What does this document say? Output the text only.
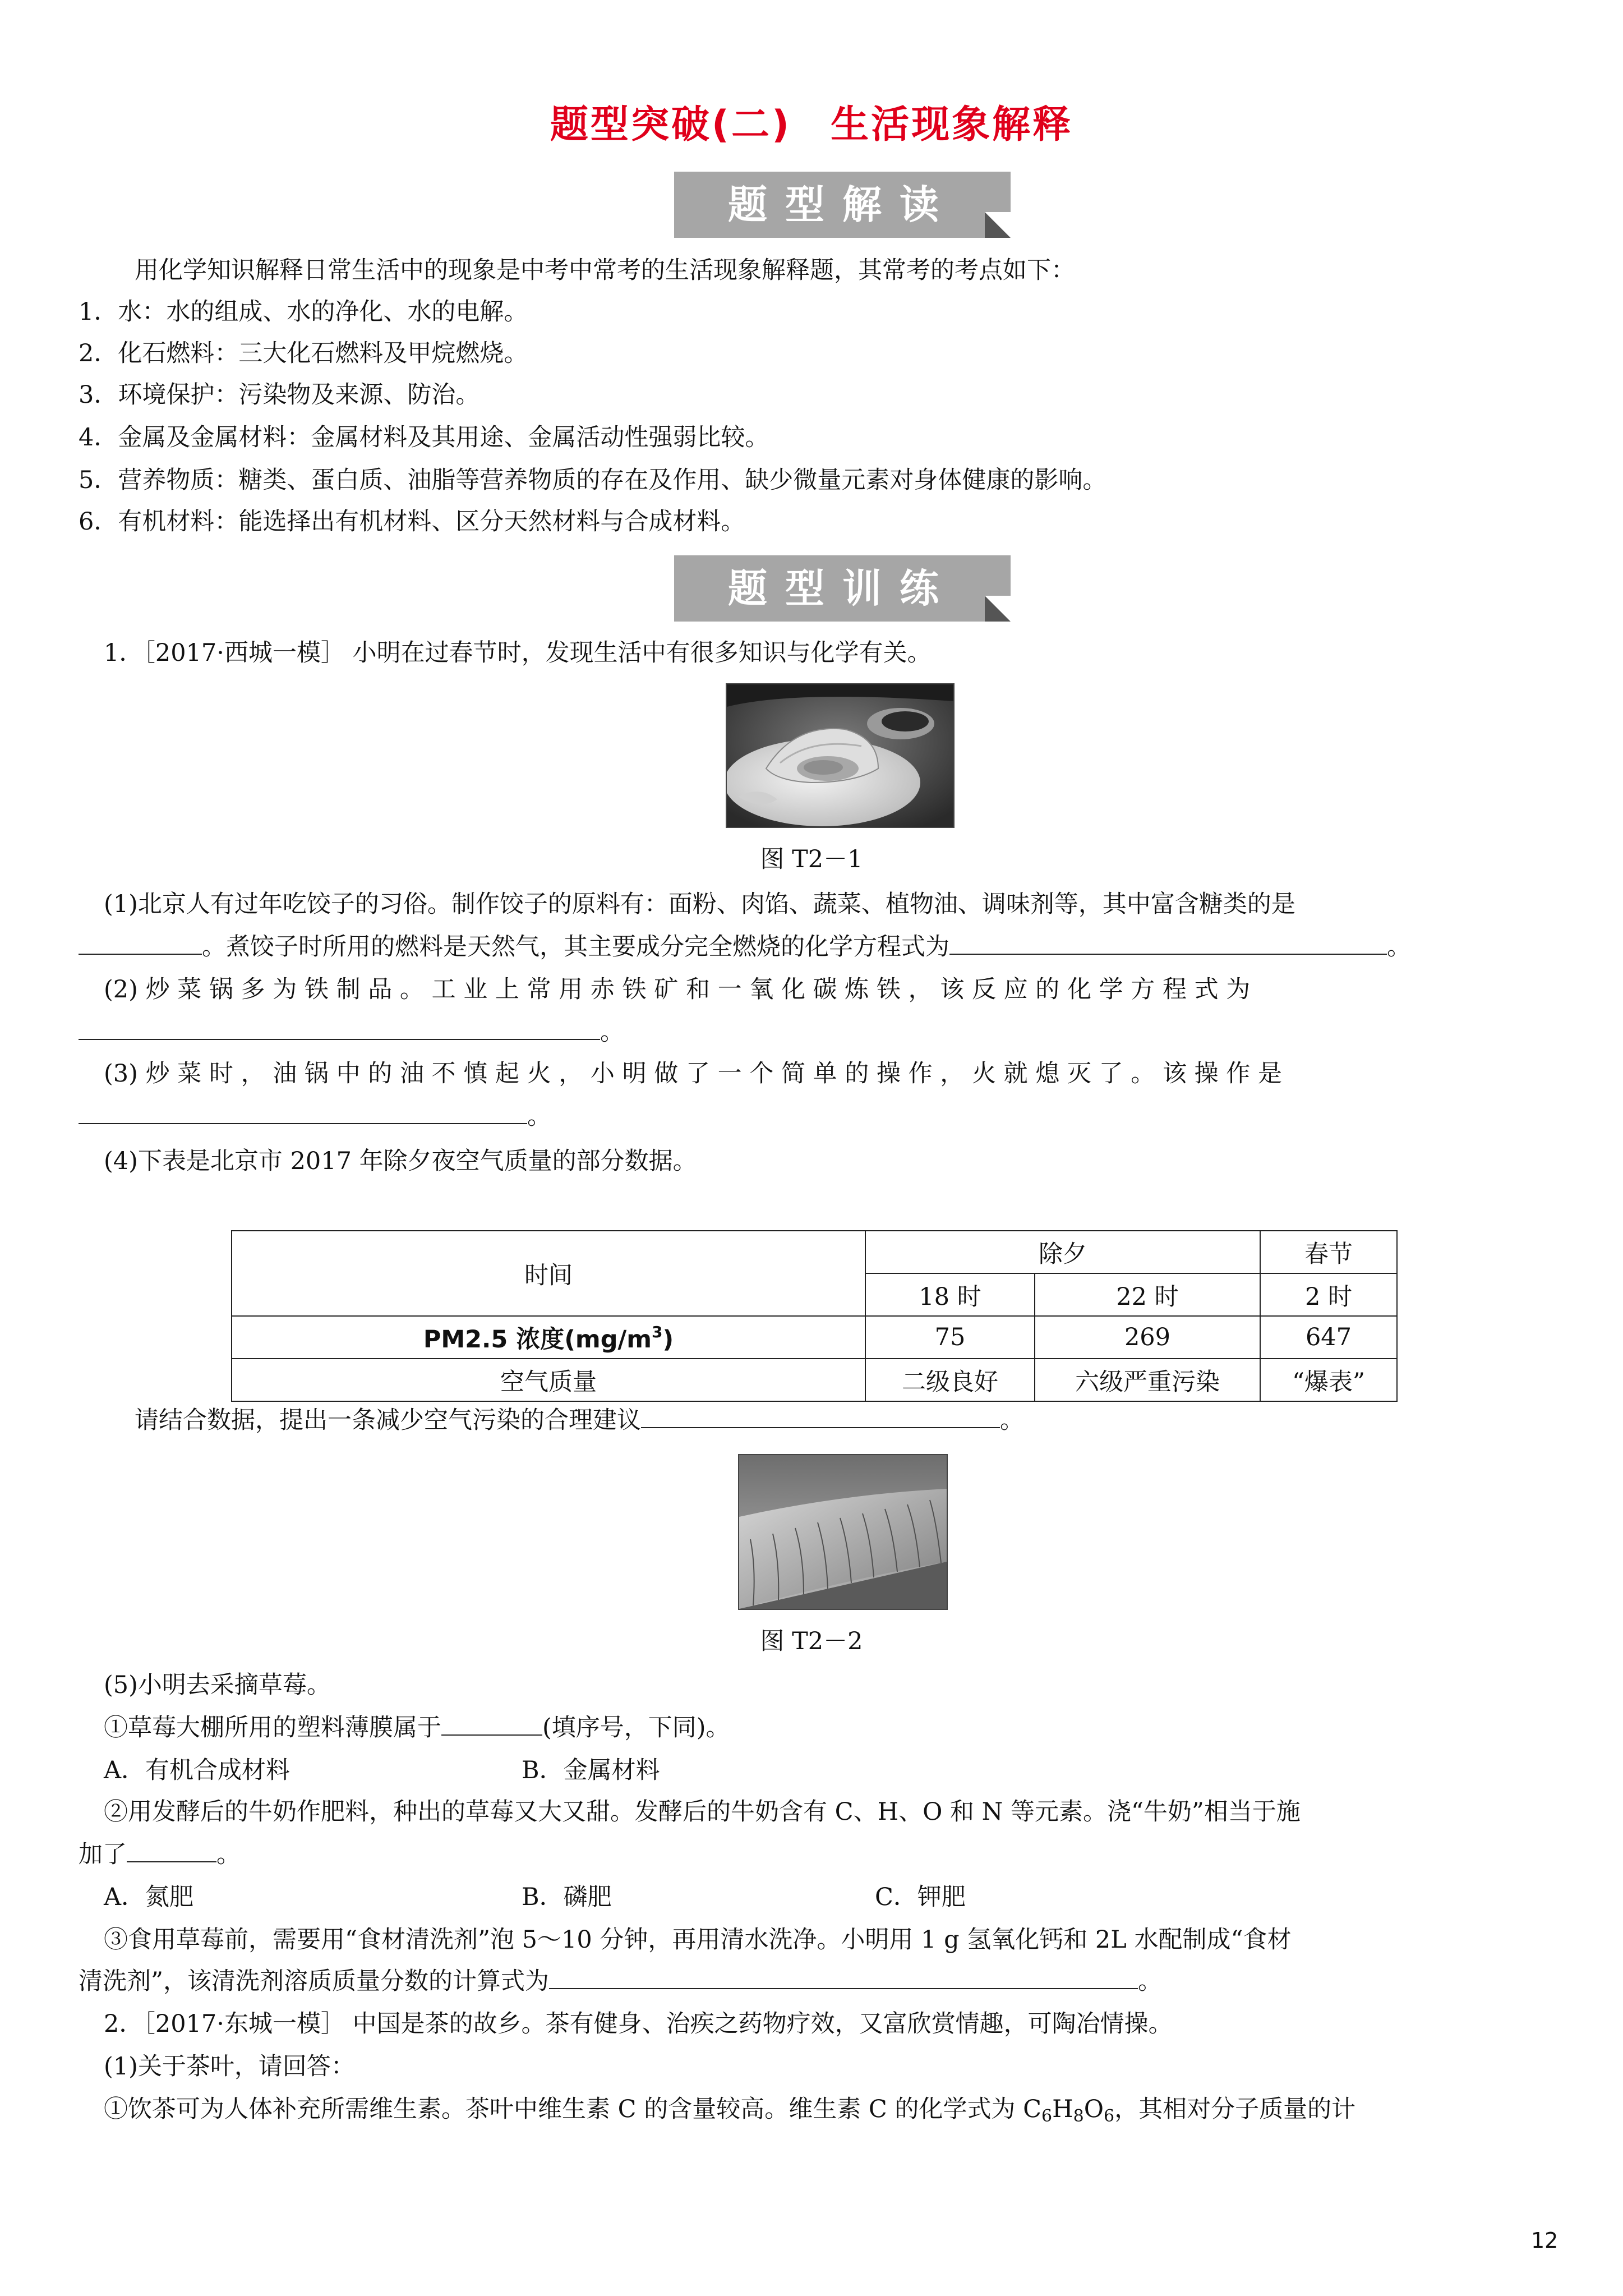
题型突破(二) 生活现象解释
题型解读
用化学知识解释日常生活中的现象是中考中常考的生活现象解释题，其常考的考点如下：
1．水：水的组成、水的净化、水的电解。
2．化石燃料：三大化石燃料及甲烷燃烧。
3．环境保护：污染物及来源、防治。
4．金属及金属材料：金属材料及其用途、金属活动性强弱比较。
5．营养物质：糖类、蛋白质、油脂等营养物质的存在及作用、缺少微量元素对身体健康的影响。
6．有机材料：能选择出有机材料、区分天然材料与合成材料。
题型训练
1．［2017·西城一模］ 小明在过春节时，发现生活中有很多知识与化学有关。
图 T2－1
(1)北京人有过年吃饺子的习俗。制作饺子的原料有：面粉、肉馅、蔬菜、植物油、调味剂等，其中富含糖类的是
。煮饺子时所用的燃料是天然气，其主要成分完全燃烧的化学方程式为	。
(2) 炒 菜 锅 多 为 铁 制 品 。 工 业 上 常 用 赤 铁 矿 和 一 氧 化 碳 炼 铁 ， 该 反 应 的 化 学 方 程 式 为
。
(3) 炒 菜 时 ， 油 锅 中 的 油 不 慎 起 火 ， 小 明 做 了 一 个 简 单 的 操 作 ， 火 就 熄 灭 了 。 该 操 作 是
。
(4)下表是北京市 2017 年除夕夜空气质量的部分数据。
时间	除夕		春节
	18 时	22 时	2 时
PM2.5 浓度$(mg/m^3)$	75	269	647
空气质量	二级良好	六级严重污染	“爆表”
请结合数据，提出一条减少空气污染的合理建议	。
图 T2－2
(5)小明去采摘草莓。
①草莓大棚所用的塑料薄膜属于	(填序号，下同)。
A．有机合成材料	B．金属材料
②用发酵后的牛奶作肥料，种出的草莓又大又甜。发酵后的牛奶含有 C、H、O 和 N 等元素。浇“牛奶”相当于施
加了	。
A．氮肥	B．磷肥	C．钾肥
③食用草莓前，需要用“食材清洗剂”泡 5～10 分钟，再用清水洗净。小明用 1 g 氢氧化钙和 2L 水配制成“食材
清洗剂”，该清洗剂溶质质量分数的计算式为	。
2．［2017·东城一模］ 中国是茶的故乡。茶有健身、治疾之药物疗效，又富欣赏情趣，可陶冶情操。
(1)关于茶叶，请回答：
①饮茶可为人体补充所需维生素。茶叶中维生素 C 的含量较高。维生素 C 的化学式为 $C_6H_8O_6$，其相对分子质量的计
12
